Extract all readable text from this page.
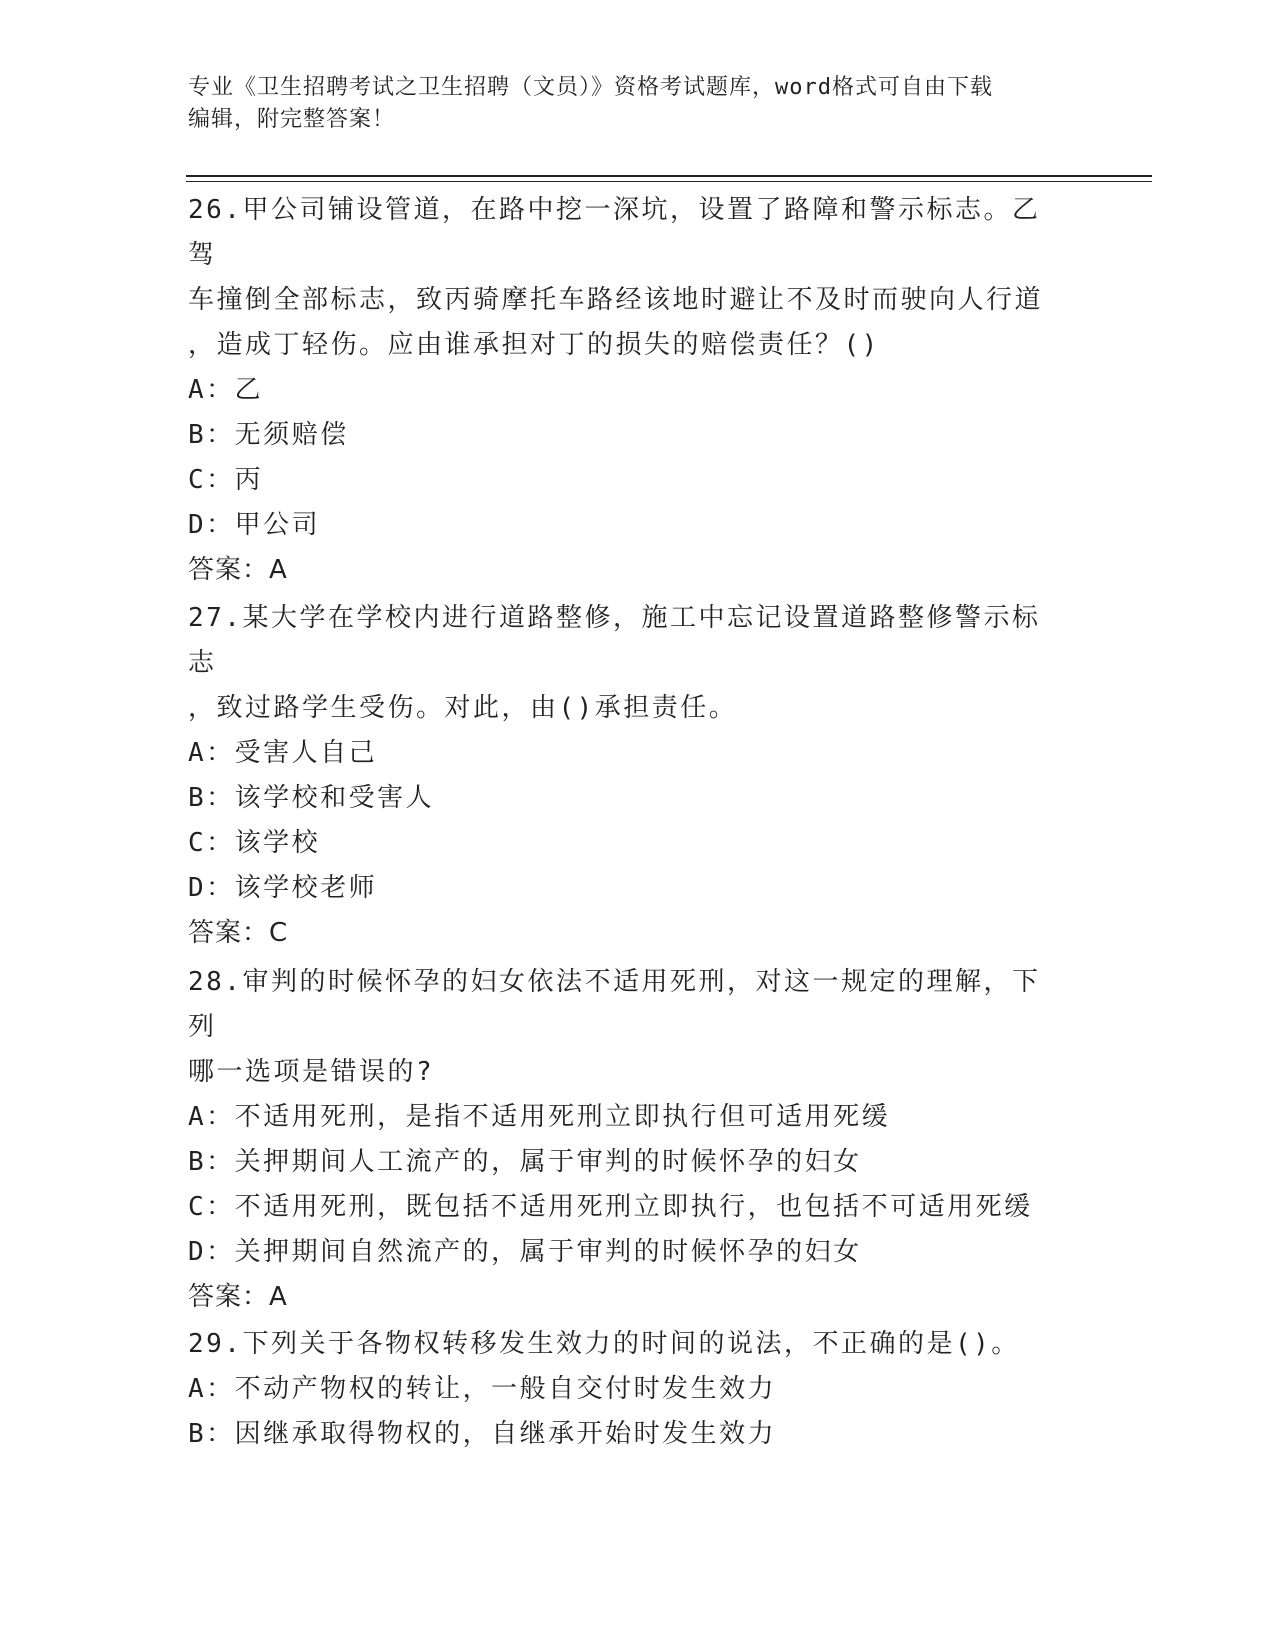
专业《卫生招聘考试之卫生招聘（文员）》资格考试题库，word格式可自由下载
编辑，附完整答案！

26.甲公司铺设管道，在路中挖一深坑，设置了路障和警示标志。乙驾

车撞倒全部标志，致丙骑摩托车路经该地时避让不及时而驶向人行道

，造成丁轻伤。应由谁承担对丁的损失的赔偿责任？()

A：乙

B：无须赔偿

C：丙

D：甲公司

答案：A

27.某大学在学校内进行道路整修，施工中忘记设置道路整修警示标志

，致过路学生受伤。对此，由()承担责任。

A：受害人自己

B：该学校和受害人

C：该学校

D：该学校老师

答案：C

28.审判的时候怀孕的妇女依法不适用死刑，对这一规定的理解，下列

哪一选项是错误的?

A：不适用死刑，是指不适用死刑立即执行但可适用死缓

B：关押期间人工流产的，属于审判的时候怀孕的妇女

C：不适用死刑，既包括不适用死刑立即执行，也包括不可适用死缓

D：关押期间自然流产的，属于审判的时候怀孕的妇女

答案：A

29.下列关于各物权转移发生效力的时间的说法，不正确的是()。

A：不动产物权的转让，一般自交付时发生效力

B：因继承取得物权的，自继承开始时发生效力
